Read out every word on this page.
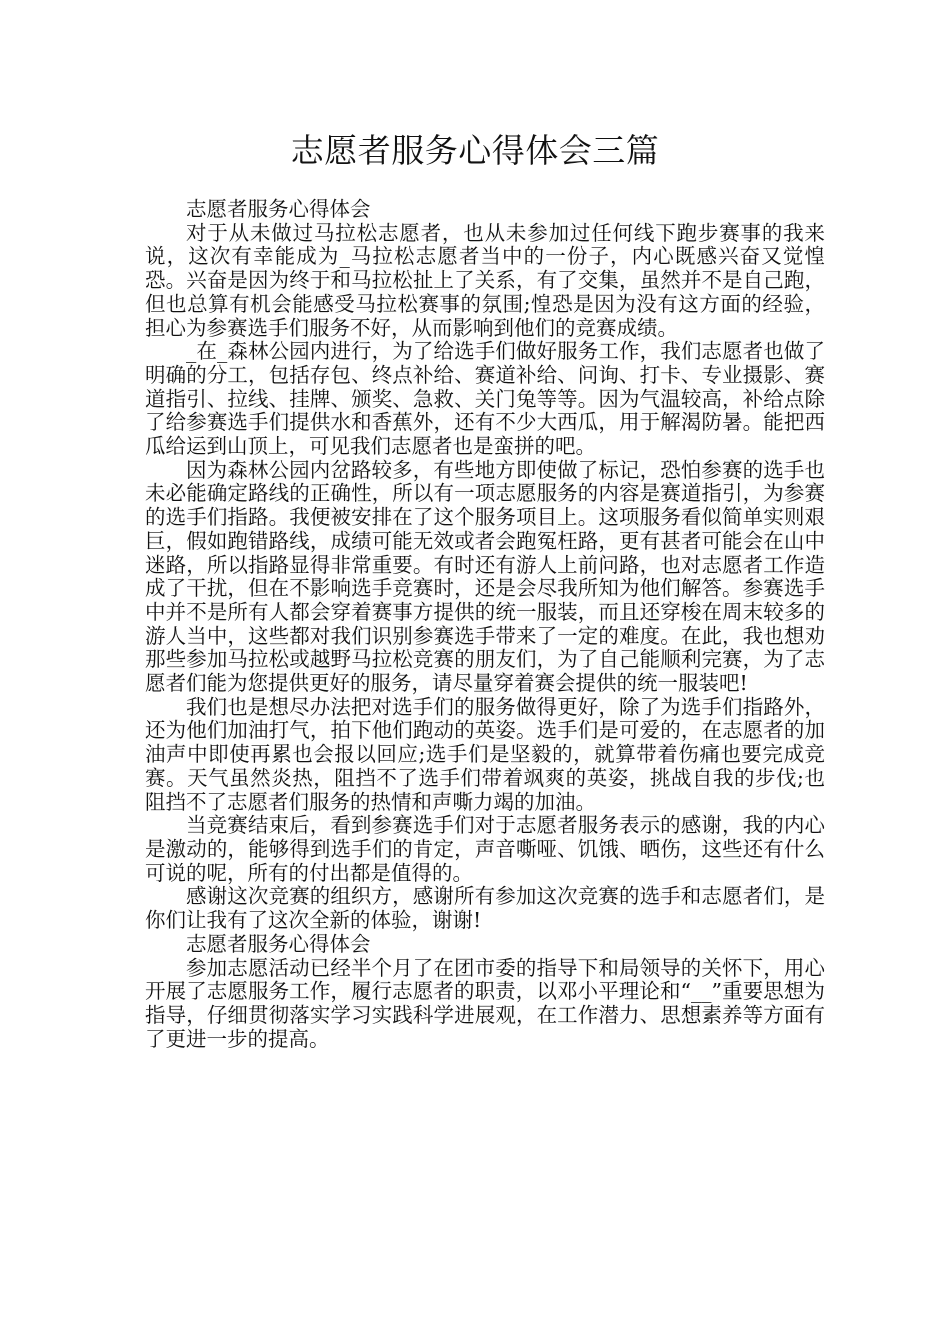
志愿者服务心得体会三篇

志愿者服务心得体会

对于从未做过马拉松志愿者，也从未参加过任何线下跑步赛事的我来说，这次有幸能成为_马拉松志愿者当中的一份子，内心既感兴奋又觉惶恐。兴奋是因为终于和马拉松扯上了关系，有了交集，虽然并不是自己跑，但也总算有机会能感受马拉松赛事的氛围;惶恐是因为没有这方面的经验，担心为参赛选手们服务不好，从而影响到他们的竞赛成绩。

_在_森林公园内进行，为了给选手们做好服务工作，我们志愿者也做了明确的分工，包括存包、终点补给、赛道补给、问询、打卡、专业摄影、赛道指引、拉线、挂牌、颁奖、急救、关门兔等等。因为气温较高，补给点除了给参赛选手们提供水和香蕉外，还有不少大西瓜，用于解渴防暑。能把西瓜给运到山顶上，可见我们志愿者也是蛮拼的吧。

因为森林公园内岔路较多，有些地方即使做了标记，恐怕参赛的选手也未必能确定路线的正确性，所以有一项志愿服务的内容是赛道指引，为参赛的选手们指路。我便被安排在了这个服务项目上。这项服务看似简单实则艰巨，假如跑错路线，成绩可能无效或者会跑冤枉路，更有甚者可能会在山中迷路，所以指路显得非常重要。有时还有游人上前问路，也对志愿者工作造成了干扰，但在不影响选手竞赛时，还是会尽我所知为他们解答。参赛选手中并不是所有人都会穿着赛事方提供的统一服装，而且还穿梭在周末较多的游人当中，这些都对我们识别参赛选手带来了一定的难度。在此，我也想劝那些参加马拉松或越野马拉松竞赛的朋友们，为了自己能顺利完赛，为了志愿者们能为您提供更好的服务，请尽量穿着赛会提供的统一服装吧!

我们也是想尽办法把对选手们的服务做得更好，除了为选手们指路外，还为他们加油打气，拍下他们跑动的英姿。选手们是可爱的，在志愿者的加油声中即使再累也会报以回应;选手们是坚毅的，就算带着伤痛也要完成竞赛。天气虽然炎热，阻挡不了选手们带着飒爽的英姿，挑战自我的步伐;也阻挡不了志愿者们服务的热情和声嘶力竭的加油。

当竞赛结束后，看到参赛选手们对于志愿者服务表示的感谢，我的内心是激动的，能够得到选手们的肯定，声音嘶哑、饥饿、晒伤，这些还有什么可说的呢，所有的付出都是值得的。

感谢这次竞赛的组织方，感谢所有参加这次竞赛的选手和志愿者们，是你们让我有了这次全新的体验，谢谢!

志愿者服务心得体会

参加志愿活动已经半个月了在团市委的指导下和局领导的关怀下，用心开展了志愿服务工作，履行志愿者的职责，以邓小平理论和“__”重要思想为指导，仔细贯彻落实学习实践科学进展观，在工作潜力、思想素养等方面有了更进一步的提高。
